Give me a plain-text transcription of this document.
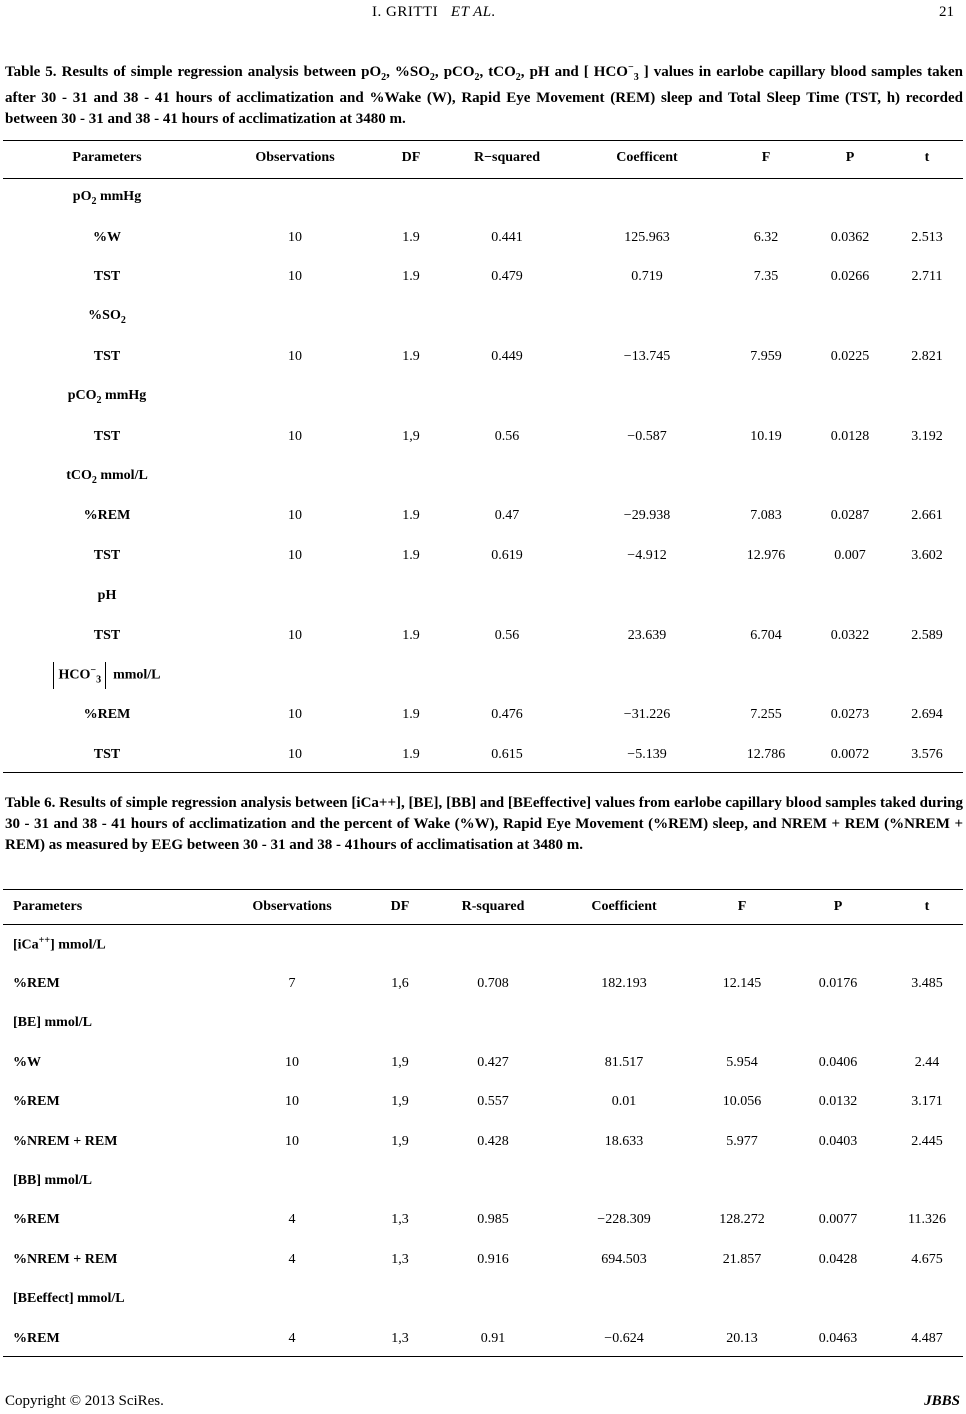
I. GRITTI ET AL.	21
Table 5. Results of simple regression analysis between $pO_2$, $\%SO_2$, pCO$_2$, tCO$_2$, pH and [ $HCO^-_3$ ] values in earlobe capillary blood samples taken after 30 - 31 and 38 - 41 hours of acclimatization and %Wake (W), Rapid Eye Movement (REM) sleep and Total Sleep Time (TST, h) recorded between 30 - 31 and 38 - 41 hours of acclimatization at 3480 m.
Parameters	Observations	DF	R−squared	Coefficent	F	P	t
$pO_2$ mmHg							
%W	10	1.9	0.441	125.963	6.32	0.0362	2.513
TST	10	1.9	0.479	0.719	7.35	0.0266	2.711
$\%SO_2$	
TST	10	1.9	0.449	−13.745	7.959	0.0225	2.821
pCO$_2$ mmHg							
TST	10	1,9	0.56	−0.587	10.19	0.0128	3.192
tCO$_2$ mmol/L							
%REM	10	1.9	0.47	−29.938	7.083	0.0287	2.661
TST	10	1.9	0.619	−4.912	12.976	0.007	3.602
pH							
TST	10	1.9	0.56	23.639	6.704	0.0322	2.589
$HCO^-_3$ mmol/L							
%REM	10	1.9	0.476	−31.226	7.255	0.0273	2.694
TST	10	1.9	0.615	−5.139	12.786	0.0072	3.576
Table 6. Results of simple regression analysis between [iCa++], [BE], [BB] and [BEeffective] values from earlobe capillary blood samples taked during 30 - 31 and 38 - 41 hours of acclimatization and the percent of Wake (%W), Rapid Eye Movement (%REM) sleep, and NREM + REM (%NREM + REM) as measured by EEG between 30 - 31 and 38 - 41hours of acclimatisation at 3480 m.
Parameters	Observations	DF	R-squared	Coefficient	F	P	t
[iCa++] mmol/L							
%REM	7	1,6	0.708	182.193	12.145	0.0176	3.485
[BE] mmol/L							
%W	10	1,9	0.427	81.517	5.954	0.0406	2.44
%REM	10	1,9	0.557	0.01	10.056	0.0132	3.171
%NREM + REM	10	1,9	0.428	18.633	5.977	0.0403	2.445
[BB] mmol/L							
%REM	4	1,3	0.985	−228.309	128.272	0.0077	11.326
%NREM + REM	4	1,3	0.916	694.503	21.857	0.0428	4.675
[BEeffect] mmol/L							
%REM	4	1,3	0.91	−0.624	20.13	0.0463	4.487
Copyright © 2013 SciRes.	JBBS
